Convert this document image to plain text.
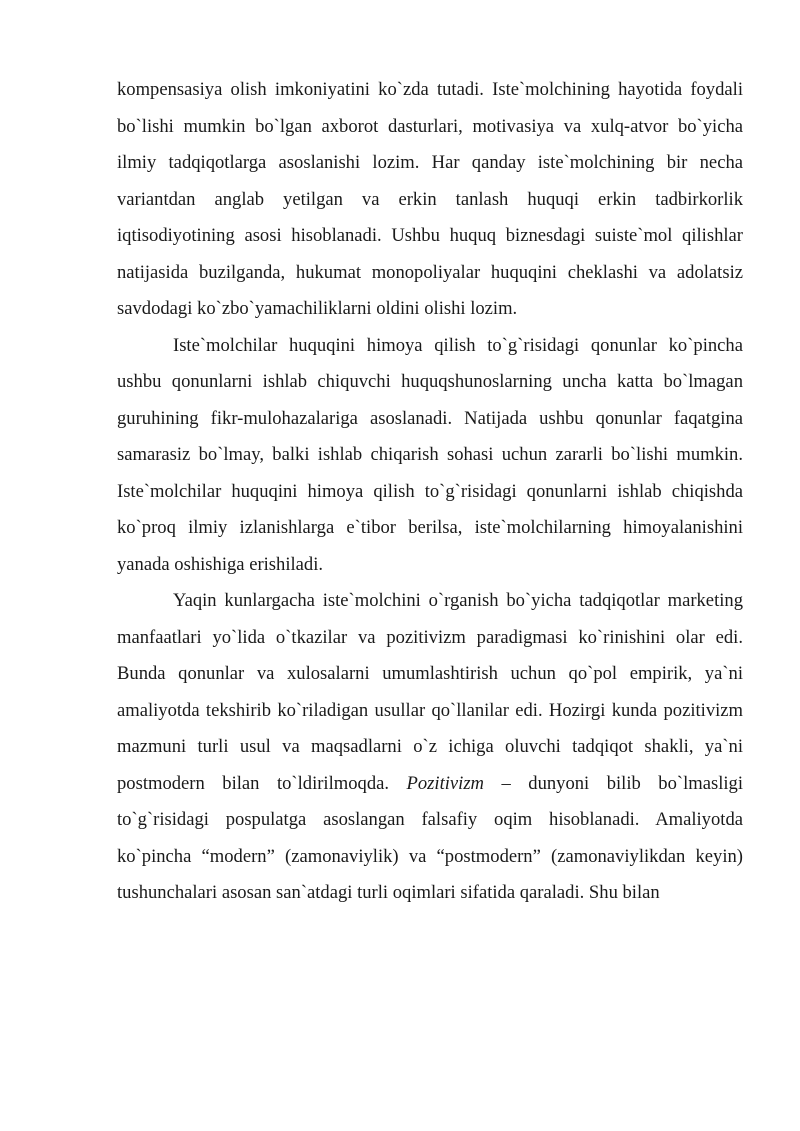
kompensasiya olish imkoniyatini ko`zda tutadi. Iste`molchining hayotida foydali bo`lishi mumkin bo`lgan axborot dasturlari, motivasiya va xulq-atvor bo`yicha ilmiy tadqiqotlarga asoslanishi lozim. Har qanday iste`molchining bir necha variantdan anglab yetilgan va erkin tanlash huquqi erkin tadbirkorlik iqtisodiyotining asosi hisoblanadi. Ushbu huquq biznesdagi suiste`mol qilishlar natijasida buzilganda, hukumat monopoliyalar huquqini cheklashi va adolatsiz savdodagi ko`zbo`yamachiliklarni oldini olishi lozim.

Iste`molchilar huquqini himoya qilish to`g`risidagi qonunlar ko`pincha ushbu qonunlarni ishlab chiquvchi huquqshunoslarning uncha katta bo`lmagan guruhining fikr-mulohazalariga asoslanadi. Natijada ushbu qonunlar faqatgina samarasiz bo`lmay, balki ishlab chiqarish sohasi uchun zararli bo`lishi mumkin. Iste`molchilar huquqini himoya qilish to`g`risidagi qonunlarni ishlab chiqishda ko`proq ilmiy izlanishlarga e`tibor berilsa, iste`molchilarning himoyalanishini yanada oshishiga erishiladi.

Yaqin kunlargacha iste`molchini o`rganish bo`yicha tadqiqotlar marketing manfaatlari yo`lida o`tkazilar va pozitivizm paradigmasi ko`rinishini olar edi. Bunda qonunlar va xulosalarni umumlashtirish uchun qo`pol empirik, ya`ni amaliyotda tekshirib ko`riladigan usullar qo`llanilar edi. Hozirgi kunda pozitivizm mazmuni turli usul va maqsadlarni o`z ichiga oluvchi tadqiqot shakli, ya`ni postmodern bilan to`ldirilmoqda. Pozitivizm – dunyoni bilib bo`lmasligi to`g`risidagi pospulatga asoslangan falsafiy oqim hisoblanadi. Amaliyotda ko`pincha “modern” (zamonaviylik) va “postmodern” (zamonaviylikdan keyin) tushunchalari asosan san`atdagi turli oqimlari sifatida qaraladi. Shu bilan
